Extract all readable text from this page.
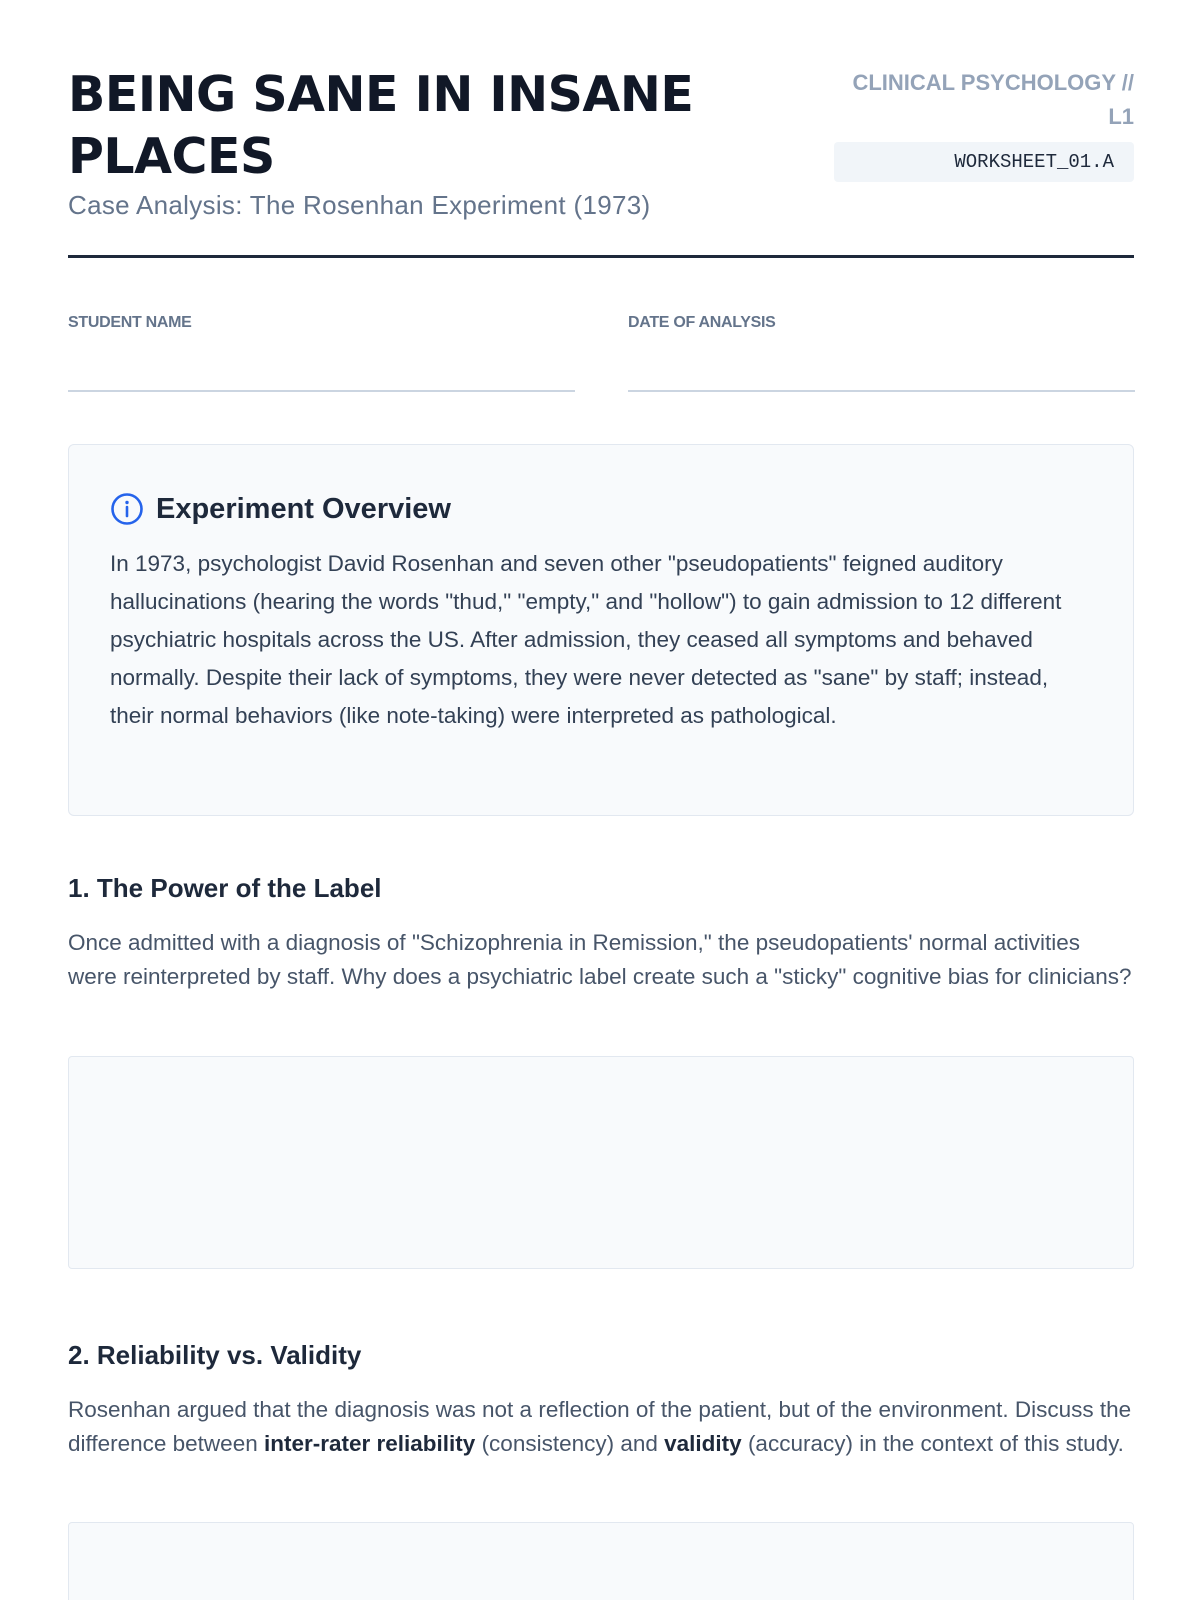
BEING SANE IN INSANE PLACES
Case Analysis: The Rosenhan Experiment (1973)
CLINICAL PSYCHOLOGY // L1
WORKSHEET_01.A
STUDENT NAME	DATE OF ANALYSIS
Experiment Overview
In 1973, psychologist David Rosenhan and seven other "pseudopatients" feigned auditory hallucinations (hearing the words "thud," "empty," and "hollow") to gain admission to 12 different psychiatric hospitals across the US. After admission, they ceased all symptoms and behaved normally. Despite their lack of symptoms, they were never detected as "sane" by staff; instead, their normal behaviors (like note-taking) were interpreted as pathological.
1. The Power of the Label
Once admitted with a diagnosis of "Schizophrenia in Remission," the pseudopatients' normal activities were reinterpreted by staff. Why does a psychiatric label create such a "sticky" cognitive bias for clinicians?
2. Reliability vs. Validity
Rosenhan argued that the diagnosis was not a reflection of the patient, but of the environment. Discuss the difference between inter-rater reliability (consistency) and validity (accuracy) in the context of this study.
